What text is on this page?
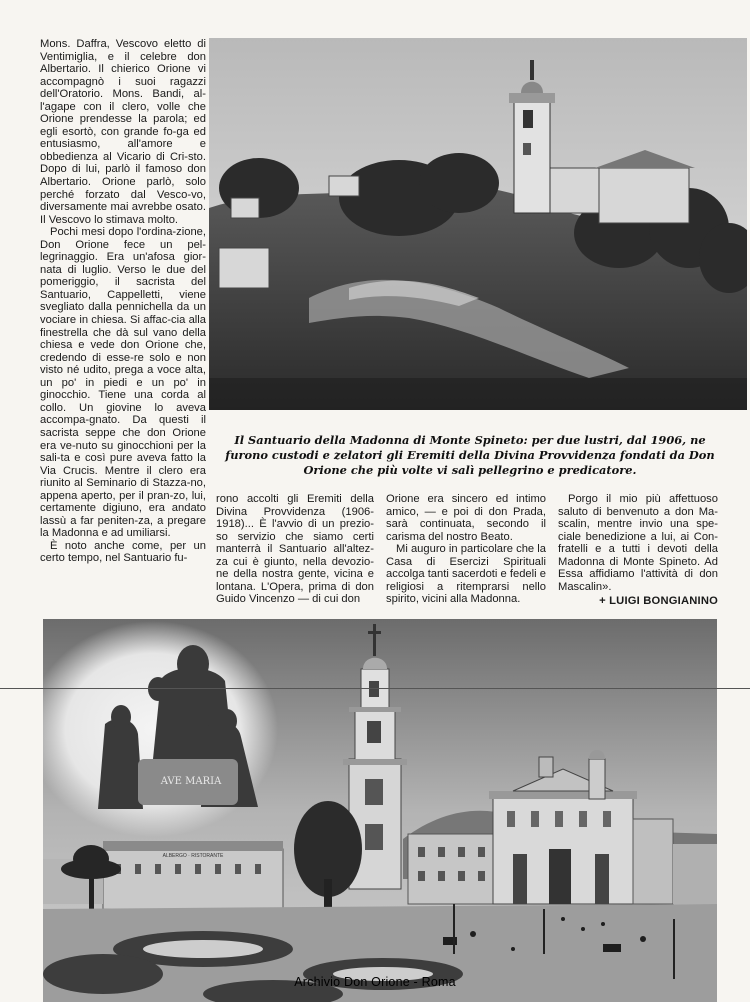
Mons. Daffra, Vescovo eletto di Ventimiglia, e il celebre don Albertario. Il chierico Orione vi accompagnò i suoi ragazzi dell'Oratorio. Mons. Bandi, al-l'agape con il clero, volle che Orione prendesse la parola; ed egli esortò, con grande fo-ga ed entusiasmo, all'amore e obbedienza al Vicario di Cri-sto. Dopo di lui, parlò il famoso don Albertario. Orione parlò, solo perché forzato dal Vesco-vo, diversamente mai avrebbe osato. Il Vescovo lo stimava molto.

Pochi mesi dopo l'ordina-zione, Don Orione fece un pel-legrinaggio. Era un'afosa gior-nata di luglio. Verso le due del pomeriggio, il sacrista del Santuario, Cappelletti, viene svegliato dalla pennichella da un vociare in chiesa. Si affac-cia alla finestrella che dà sul vano della chiesa e vede don Orione che, credendo di esse-re solo e non visto né udito, prega a voce alta, un po' in piedi e un po' in ginocchio. Tiene una corda al collo. Un giovine lo aveva accompa-gnato. Da questi il sacrista seppe che don Orione era ve-nuto su ginocchioni per la sali-ta e così pure aveva fatto la Via Crucis. Mentre il clero era riunito al Seminario di Stazza-no, appena aperto, per il pran-zo, lui, certamente digiuno, era andato lassù a far peniten-za, a pregare la Madonna e ad umiliarsi.

È noto anche come, per un certo tempo, nel Santuario fu-

Il Santuario della Madonna di Monte Spineto: per due lustri, dal 1906, ne furono custodi e zelatori gli Eremiti della Divina Provvidenza fondati da Don Orione che più volte vi salì pellegrino e predicatore.

rono accolti gli Eremiti della Divina Provvidenza (1906-1918)... È l'avvio di un prezio-so servizio che siamo certi manterrà il Santuario all'altez-za cui è giunto, nella devozio-ne della nostra gente, vicina e lontana. L'Opera, prima di don Guido Vincenzo — di cui don

Orione era sincero ed intimo amico, — e poi di don Prada, sarà continuata, secondo il carisma del nostro Beato.

Mi auguro in particolare che la Casa di Esercizi Spirituali accolga tanti sacerdoti e fedeli e religiosi a ritemprarsi nello spirito, vicini alla Madonna.

Porgo il mio più affettuoso saluto di benvenuto a don Ma-scalin, mentre invio una spe-ciale benedizione a lui, ai Con-fratelli e a tutti i devoti della Madonna di Monte Spineto. Ad Essa affidiamo l'attività di don Mascalin».

+ LUIGI BONGIANINO
AVE MARIA
ALBERGO · RISTORANTE
Archivio Don Orione - Roma
